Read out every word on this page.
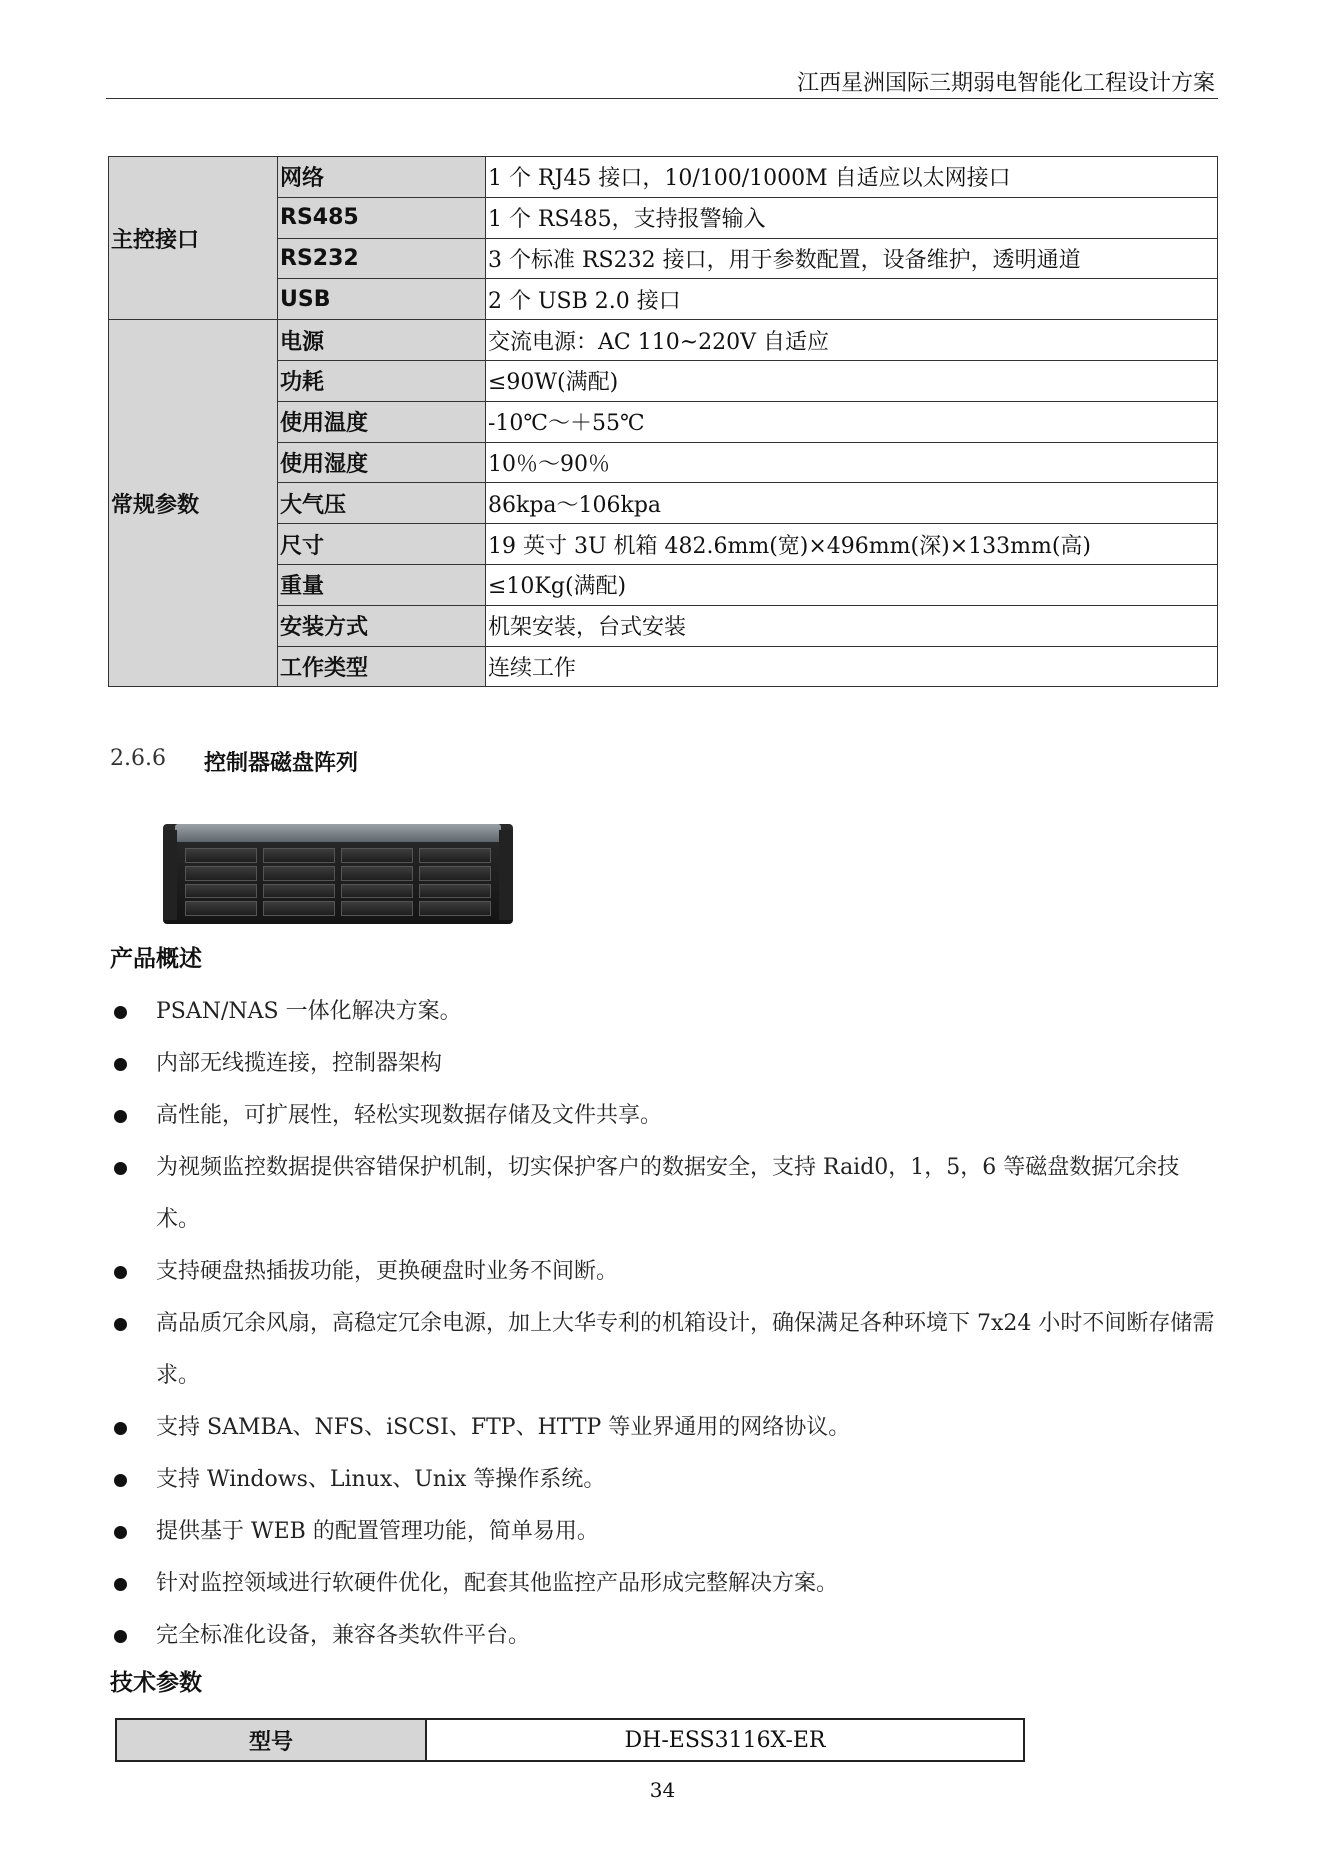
江西星洲国际三期弱电智能化工程设计方案
主控接口	网络	1 个 RJ45 接口，10/100/1000M 自适应以太网接口
	RS485	1 个 RS485，支持报警输入
	RS232	3 个标准 RS232 接口，用于参数配置，设备维护，透明通道
	USB	2 个 USB 2.0 接口
常规参数	电源	交流电源：AC 110~220V 自适应
	功耗	≤90W(满配)
	使用温度	-10℃～＋55℃
	使用湿度	10％～90％
	大气压	86kpa～106kpa
	尺寸	19 英寸 3U 机箱 482.6mm(宽)×496mm(深)×133mm(高)
	重量	≤10Kg(满配)
	安装方式	机架安装，台式安装
	工作类型	连续工作
2.6.6 控制器磁盘阵列
产品概述
PSAN/NAS 一体化解决方案。
内部无线揽连接，控制器架构
高性能，可扩展性，轻松实现数据存储及文件共享。
为视频监控数据提供容错保护机制，切实保护客户的数据安全，支持 Raid0，1，5，6 等磁盘数据冗余技术。
支持硬盘热插拔功能，更换硬盘时业务不间断。
高品质冗余风扇，高稳定冗余电源，加上大华专利的机箱设计，确保满足各种环境下 7x24 小时不间断存储需求。
支持 SAMBA、NFS、iSCSI、FTP、HTTP 等业界通用的网络协议。
支持 Windows、Linux、Unix 等操作系统。
提供基于 WEB 的配置管理功能，简单易用。
针对监控领域进行软硬件优化，配套其他监控产品形成完整解决方案。
完全标准化设备，兼容各类软件平台。
技术参数
型号	DH-ESS3116X-ER
34
